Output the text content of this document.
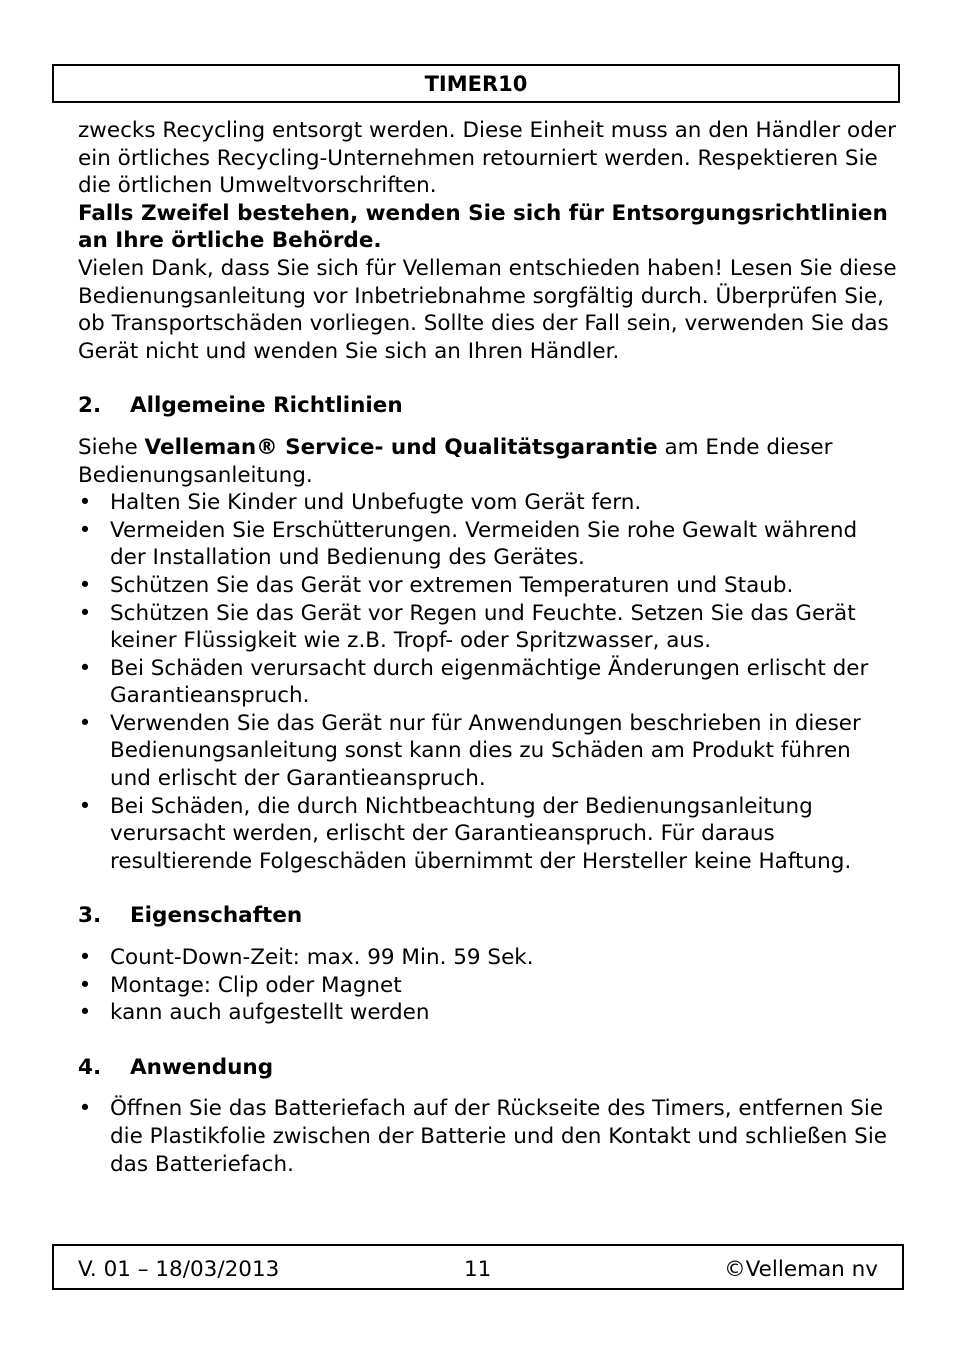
TIMER10

zwecks Recycling entsorgt werden. Diese Einheit muss an den Händler oder ein örtliches Recycling-Unternehmen retourniert werden. Respektieren Sie die örtlichen Umweltvorschriften.

Falls Zweifel bestehen, wenden Sie sich für Entsorgungsrichtlinien an Ihre örtliche Behörde.

Vielen Dank, dass Sie sich für Velleman entschieden haben! Lesen Sie diese Bedienungsanleitung vor Inbetriebnahme sorgfältig durch. Überprüfen Sie, ob Transportschäden vorliegen. Sollte dies der Fall sein, verwenden Sie das Gerät nicht und wenden Sie sich an Ihren Händler.

2.	Allgemeine Richtlinien

Siehe Velleman® Service- und Qualitätsgarantie am Ende dieser Bedienungsanleitung.

• Halten Sie Kinder und Unbefugte vom Gerät fern.
• Vermeiden Sie Erschütterungen. Vermeiden Sie rohe Gewalt während der Installation und Bedienung des Gerätes.
• Schützen Sie das Gerät vor extremen Temperaturen und Staub.
• Schützen Sie das Gerät vor Regen und Feuchte. Setzen Sie das Gerät keiner Flüssigkeit wie z.B. Tropf- oder Spritzwasser, aus.
• Bei Schäden verursacht durch eigenmächtige Änderungen erlischt der Garantieanspruch.
• Verwenden Sie das Gerät nur für Anwendungen beschrieben in dieser Bedienungsanleitung sonst kann dies zu Schäden am Produkt führen und erlischt der Garantieanspruch.
• Bei Schäden, die durch Nichtbeachtung der Bedienungsanleitung verursacht werden, erlischt der Garantieanspruch. Für daraus resultierende Folgeschäden übernimmt der Hersteller keine Haftung.
3.	Eigenschaften
• Count-Down-Zeit: max. 99 Min. 59 Sek.
• Montage: Clip oder Magnet
• kann auch aufgestellt werden
4.	Anwendung
• Öffnen Sie das Batteriefach auf der Rückseite des Timers, entfernen Sie die Plastikfolie zwischen der Batterie und den Kontakt und schließen Sie das Batteriefach.
V. 01 – 18/03/2013	11	©Velleman nv
